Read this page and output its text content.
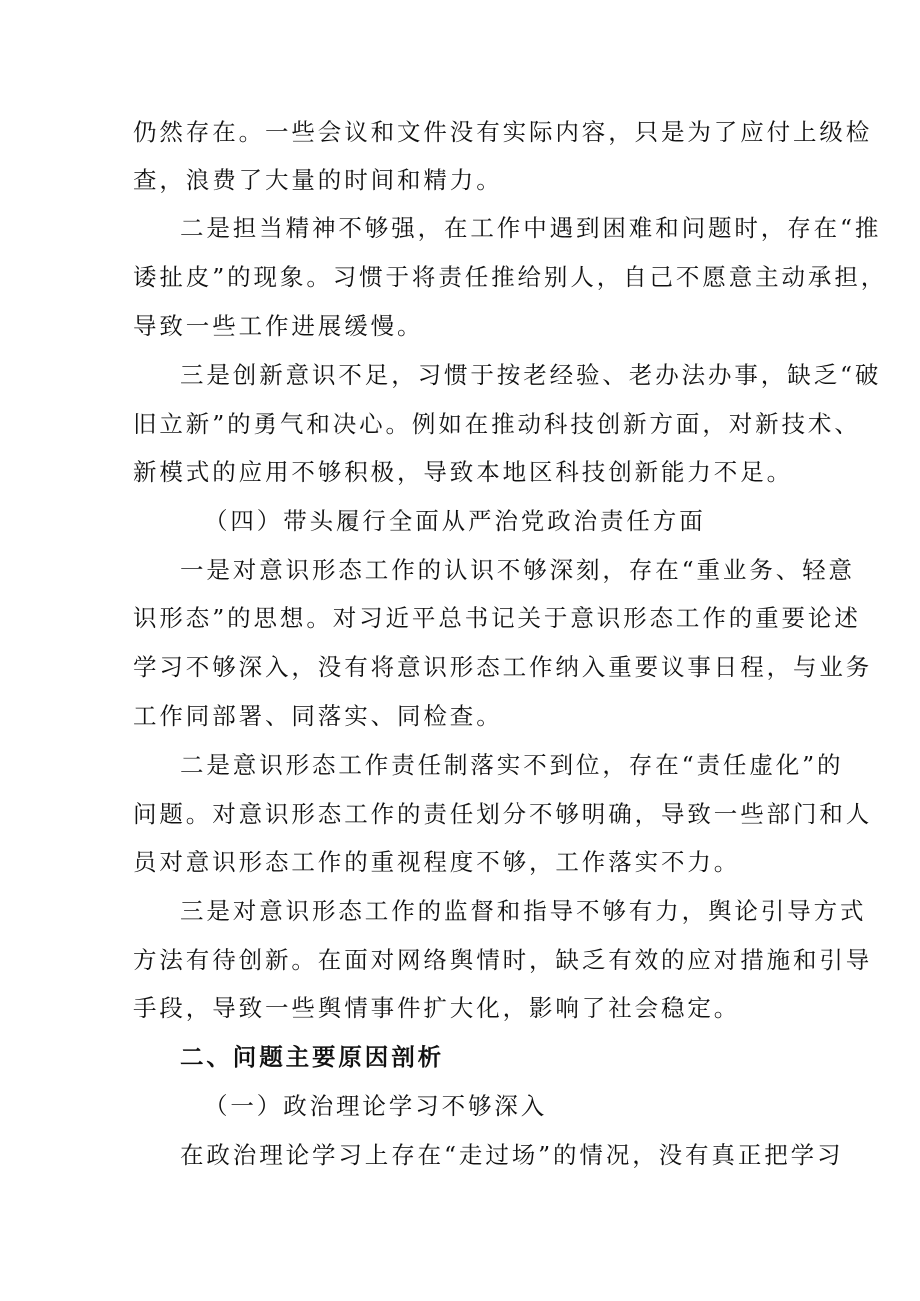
仍然存在。一些会议和文件没有实际内容，只是为了应付上级检
查，浪费了大量的时间和精力。
二是担当精神不够强，在工作中遇到困难和问题时，存在“推
诿扯皮”的现象。习惯于将责任推给别人，自己不愿意主动承担，
导致一些工作进展缓慢。
三是创新意识不足，习惯于按老经验、老办法办事，缺乏“破
旧立新”的勇气和决心。例如在推动科技创新方面，对新技术、
新模式的应用不够积极，导致本地区科技创新能力不足。
（四）带头履行全面从严治党政治责任方面
一是对意识形态工作的认识不够深刻，存在“重业务、轻意
识形态”的思想。对习近平总书记关于意识形态工作的重要论述
学习不够深入，没有将意识形态工作纳入重要议事日程，与业务
工作同部署、同落实、同检查。
二是意识形态工作责任制落实不到位，存在“责任虚化”的
问题。对意识形态工作的责任划分不够明确，导致一些部门和人
员对意识形态工作的重视程度不够，工作落实不力。
三是对意识形态工作的监督和指导不够有力，舆论引导方式
方法有待创新。在面对网络舆情时，缺乏有效的应对措施和引导
手段，导致一些舆情事件扩大化，影响了社会稳定。
二、问题主要原因剖析
（一）政治理论学习不够深入
在政治理论学习上存在“走过场”的情况，没有真正把学习
